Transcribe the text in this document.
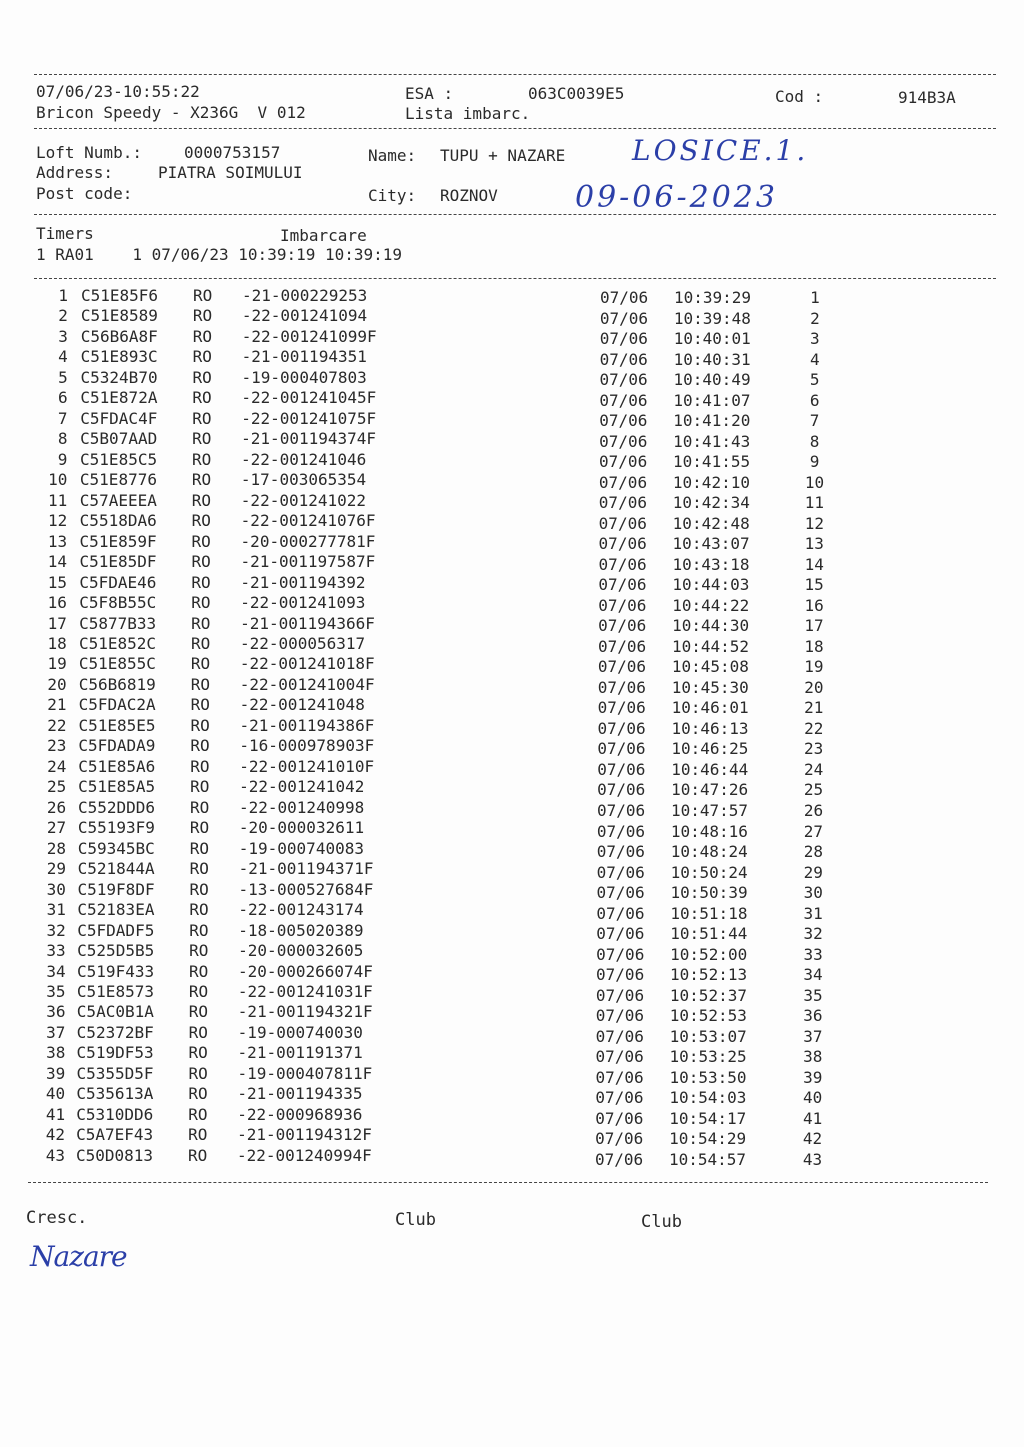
07/06/23-10:55:22	ESA :	063C0039E5	Cod :	914B3A
Bricon Speedy - X236G  V 012	Lista imbarc.
Loft Numb.:	0000753157	Name: TUPU + NAZARE LOSICE.1.
Address:	PIATRA SOIMULUI
Post code:	City: ROZNOV	09-06-2023
Timers	Imbarcare
1 RA01    1 07/06/23 10:39:19 10:39:19
1 C51E85F6 RO -21-000229253	07/06 10:39:29	1
2 C51E8589 RO -22-001241094	07/06 10:39:48	2
3 C56B6A8F RO -22-001241099F	07/06 10:40:01	3
4 C51E893C RO -21-001194351	07/06 10:40:31	4
5 C5324B70 RO -19-000407803	07/06 10:40:49	5
6 C51E872A RO -22-001241045F	07/06 10:41:07	6
7 C5FDAC4F RO -22-001241075F	07/06 10:41:20	7
8 C5B07AAD RO -21-001194374F	07/06 10:41:43	8
9 C51E85C5 RO -22-001241046	07/06 10:41:55	9
10 C51E8776 RO -17-003065354	07/06 10:42:10	10
11 C57AEEEA RO -22-001241022	07/06 10:42:34	11
12 C5518DA6 RO -22-001241076F	07/06 10:42:48	12
13 C51E859F RO -20-000277781F	07/06 10:43:07	13
14 C51E85DF RO -21-001197587F	07/06 10:43:18	14
15 C5FDAE46 RO -21-001194392	07/06 10:44:03	15
16 C5F8B55C RO -22-001241093	07/06 10:44:22	16
17 C5877B33 RO -21-001194366F	07/06 10:44:30	17
18 C51E852C RO -22-000056317	07/06 10:44:52	18
19 C51E855C RO -22-001241018F	07/06 10:45:08	19
20 C56B6819 RO -22-001241004F	07/06 10:45:30	20
21 C5FDAC2A RO -22-001241048	07/06 10:46:01	21
22 C51E85E5 RO -21-001194386F	07/06 10:46:13	22
23 C5FDADA9 RO -16-000978903F	07/06 10:46:25	23
24 C51E85A6 RO -22-001241010F	07/06 10:46:44	24
25 C51E85A5 RO -22-001241042	07/06 10:47:26	25
26 C552DDD6 RO -22-001240998	07/06 10:47:57	26
27 C55193F9 RO -20-000032611	07/06 10:48:16	27
28 C59345BC RO -19-000740083	07/06 10:48:24	28
29 C521844A RO -21-001194371F	07/06 10:50:24	29
30 C519F8DF RO -13-000527684F	07/06 10:50:39	30
31 C52183EA RO -22-001243174	07/06 10:51:18	31
32 C5FDADF5 RO -18-005020389	07/06 10:51:44	32
33 C525D5B5 RO -20-000032605	07/06 10:52:00	33
34 C519F433 RO -20-000266074F	07/06 10:52:13	34
35 C51E8573 RO -22-001241031F	07/06 10:52:37	35
36 C5AC0B1A RO -21-001194321F	07/06 10:52:53	36
37 C52372BF RO -19-000740030	07/06 10:53:07	37
38 C519DF53 RO -21-001191371	07/06 10:53:25	38
39 C5355D5F RO -19-000407811F	07/06 10:53:50	39
40 C535613A RO -21-001194335	07/06 10:54:03	40
41 C5310DD6 RO -22-000968936	07/06 10:54:17	41
42 C5A7EF43 RO -21-001194312F	07/06 10:54:29	42
43 C50D0813 RO -22-001240994F	07/06 10:54:57	43
Cresc.	Club	Club
Nazare
